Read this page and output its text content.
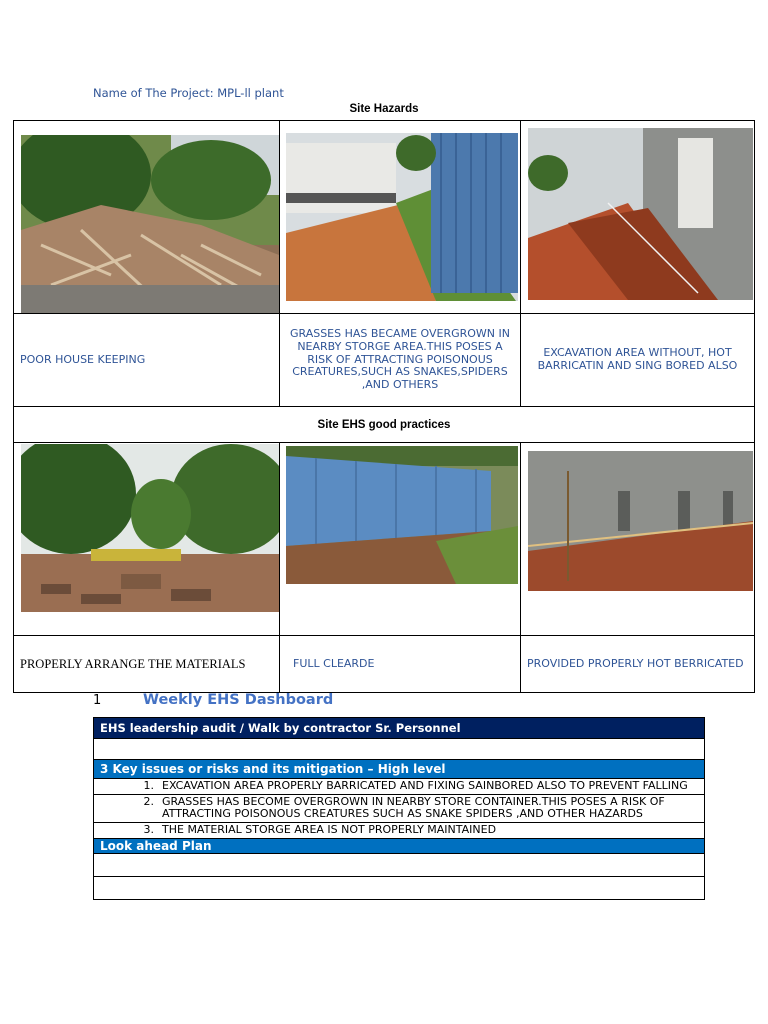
Name of The Project: MPL-ll plant
Site Hazards

POOR HOUSE KEEPING	GRASSES HAS BECAME OVERGROWN IN NEARBY STORGE AREA.THIS POSES A RISK OF ATTRACTING POISONOUS CREATURES,SUCH AS SNAKES,SPIDERS ,AND OTHERS	EXCAVATION AREA WITHOUT, HOT BARRICATIN AND SING BORED ALSO

Site EHS good practices		

PROPERLY ARRANGE THE MATERIALS	FULL CLEARDE	PROVIDED PROPERLY HOT BERRICATED
1	Weekly EHS Dashboard
EHS leadership audit / Walk by contractor Sr. Personnel

3 Key issues or risks and its mitigation – High level

1. EXCAVATION AREA PROPERLY BARRICATED AND FIXING SAINBORED ALSO TO PREVENT FALLING

2. GRASSES HAS BECOME OVERGROWN IN NEARBY STORE CONTAINER.THIS POSES A RISK OF ATTRACTING POISONOUS CREATURES SUCH AS SNAKE SPIDERS ,AND OTHER HAZARDS

3. THE MATERIAL STORGE AREA IS NOT PROPERLY MAINTAINED

Look ahead Plan
